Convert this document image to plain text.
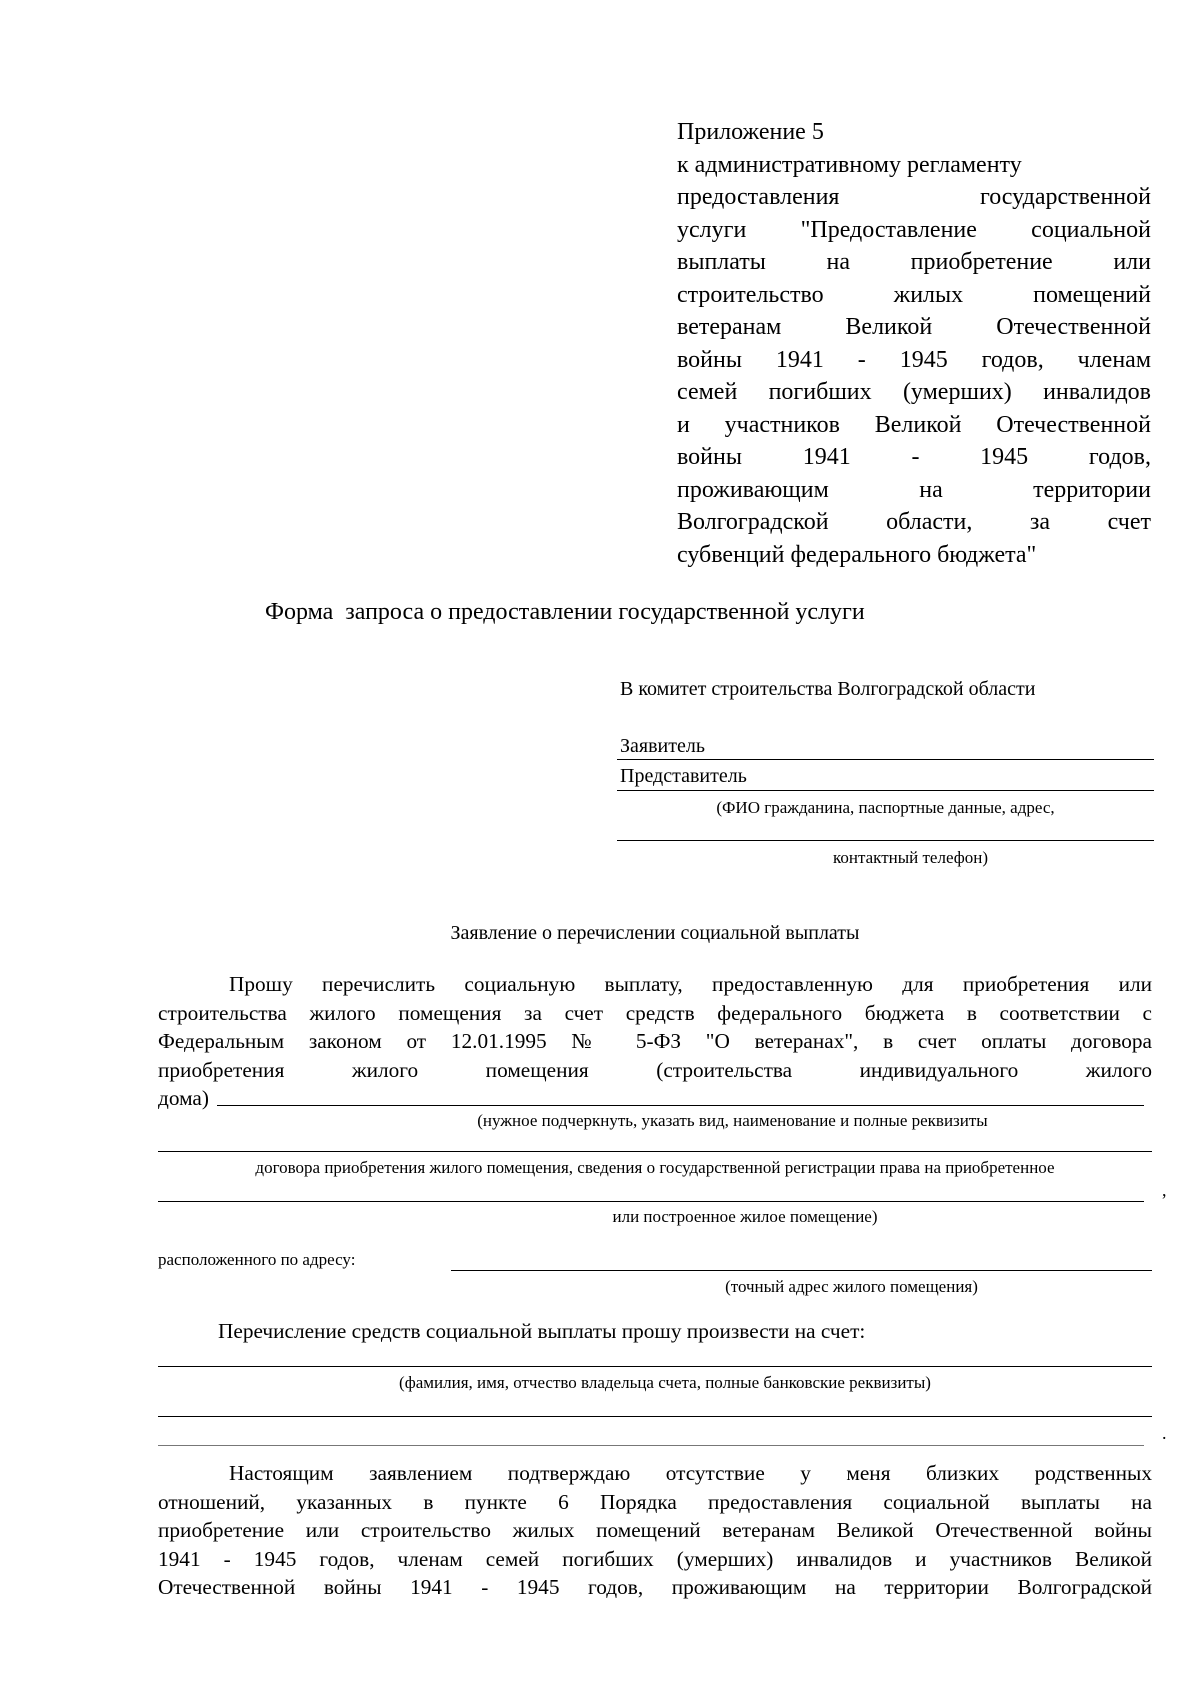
Приложение 5
к административному регламенту
предоставления государственной
услуги "Предоставление социальной
выплаты на приобретение или
строительство жилых помещений
ветеранам Великой Отечественной
войны 1941 - 1945 годов, членам
семей погибших (умерших) инвалидов
и участников Великой Отечественной
войны 1941 - 1945 годов,
проживающим на территории
Волгоградской области, за счет
субвенций федерального бюджета"
Форма  запроса о предоставлении государственной услуги
В комитет строительства Волгоградской области
Заявитель
Представитель
(ФИО гражданина, паспортные данные, адрес,
контактный телефон)
Заявление о перечислении социальной выплаты
Прошу перечислить социальную выплату, предоставленную для приобретения или
строительства жилого помещения за счет средств федерального бюджета в соответствии с
Федеральным законом от 12.01.1995 № 5-ФЗ "О ветеранах", в счет оплаты договора
приобретения жилого помещения (строительства индивидуального жилого
дома)
(нужное подчеркнуть, указать вид, наименование и полные реквизиты
договора приобретения жилого помещения, сведения о государственной регистрации права на приобретенное
,
или построенное жилое помещение)
расположенного по адресу:
(точный адрес жилого помещения)
Перечисление средств социальной выплаты прошу произвести на счет:
(фамилия, имя, отчество владельца счета, полные банковские реквизиты)
.
Настоящим заявлением подтверждаю отсутствие у меня близких родственных
отношений, указанных в пункте 6 Порядка предоставления социальной выплаты на
приобретение или строительство жилых помещений ветеранам Великой Отечественной войны
1941 - 1945 годов, членам семей погибших (умерших) инвалидов и участников Великой
Отечественной войны 1941 - 1945 годов, проживающим на территории Волгоградской
